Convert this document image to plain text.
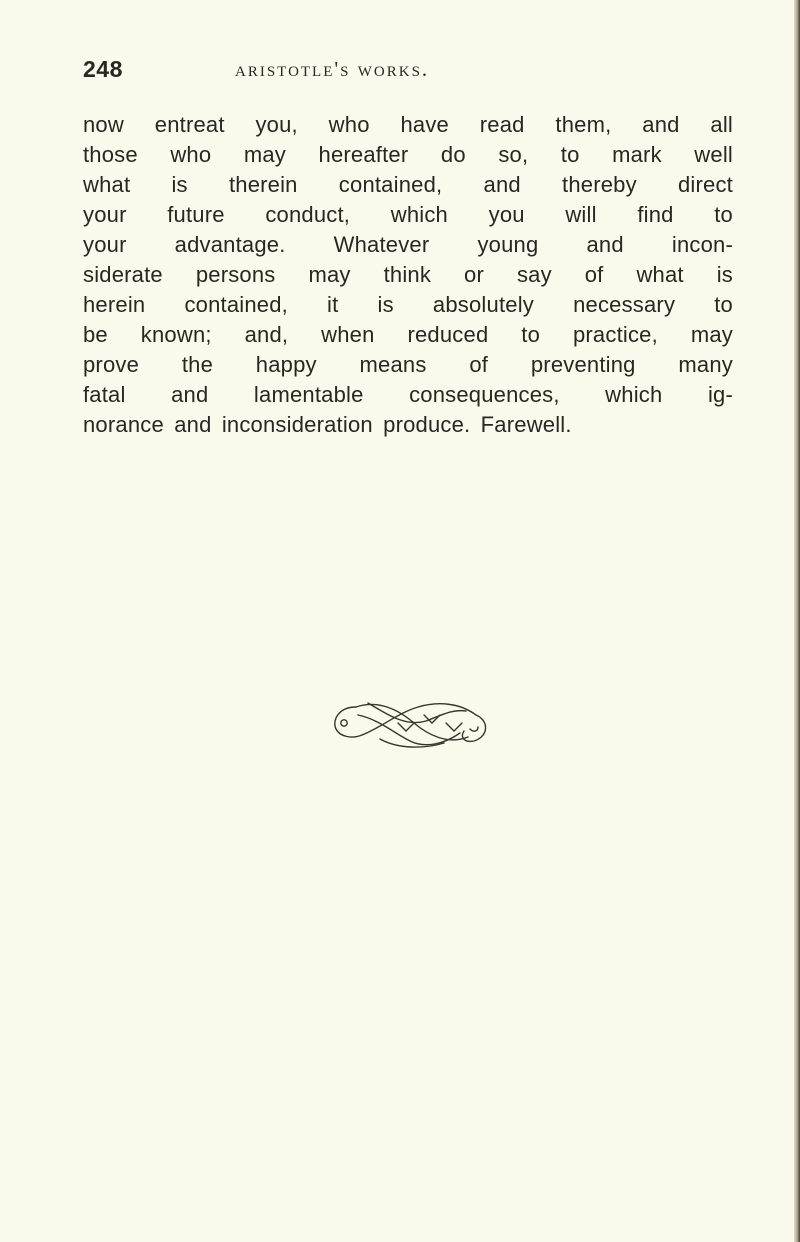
248	aristotle's works.
now entreat you, who have read them, and all
those who may hereafter do so, to mark well
what is therein contained, and thereby direct
your future conduct, which you will find to
your advantage. Whatever young and incon-
siderate persons may think or say of what is
herein contained, it is absolutely necessary to
be known; and, when reduced to practice, may
prove the happy means of preventing many
fatal and lamentable consequences, which ig-
norance and inconsideration produce. Farewell.
